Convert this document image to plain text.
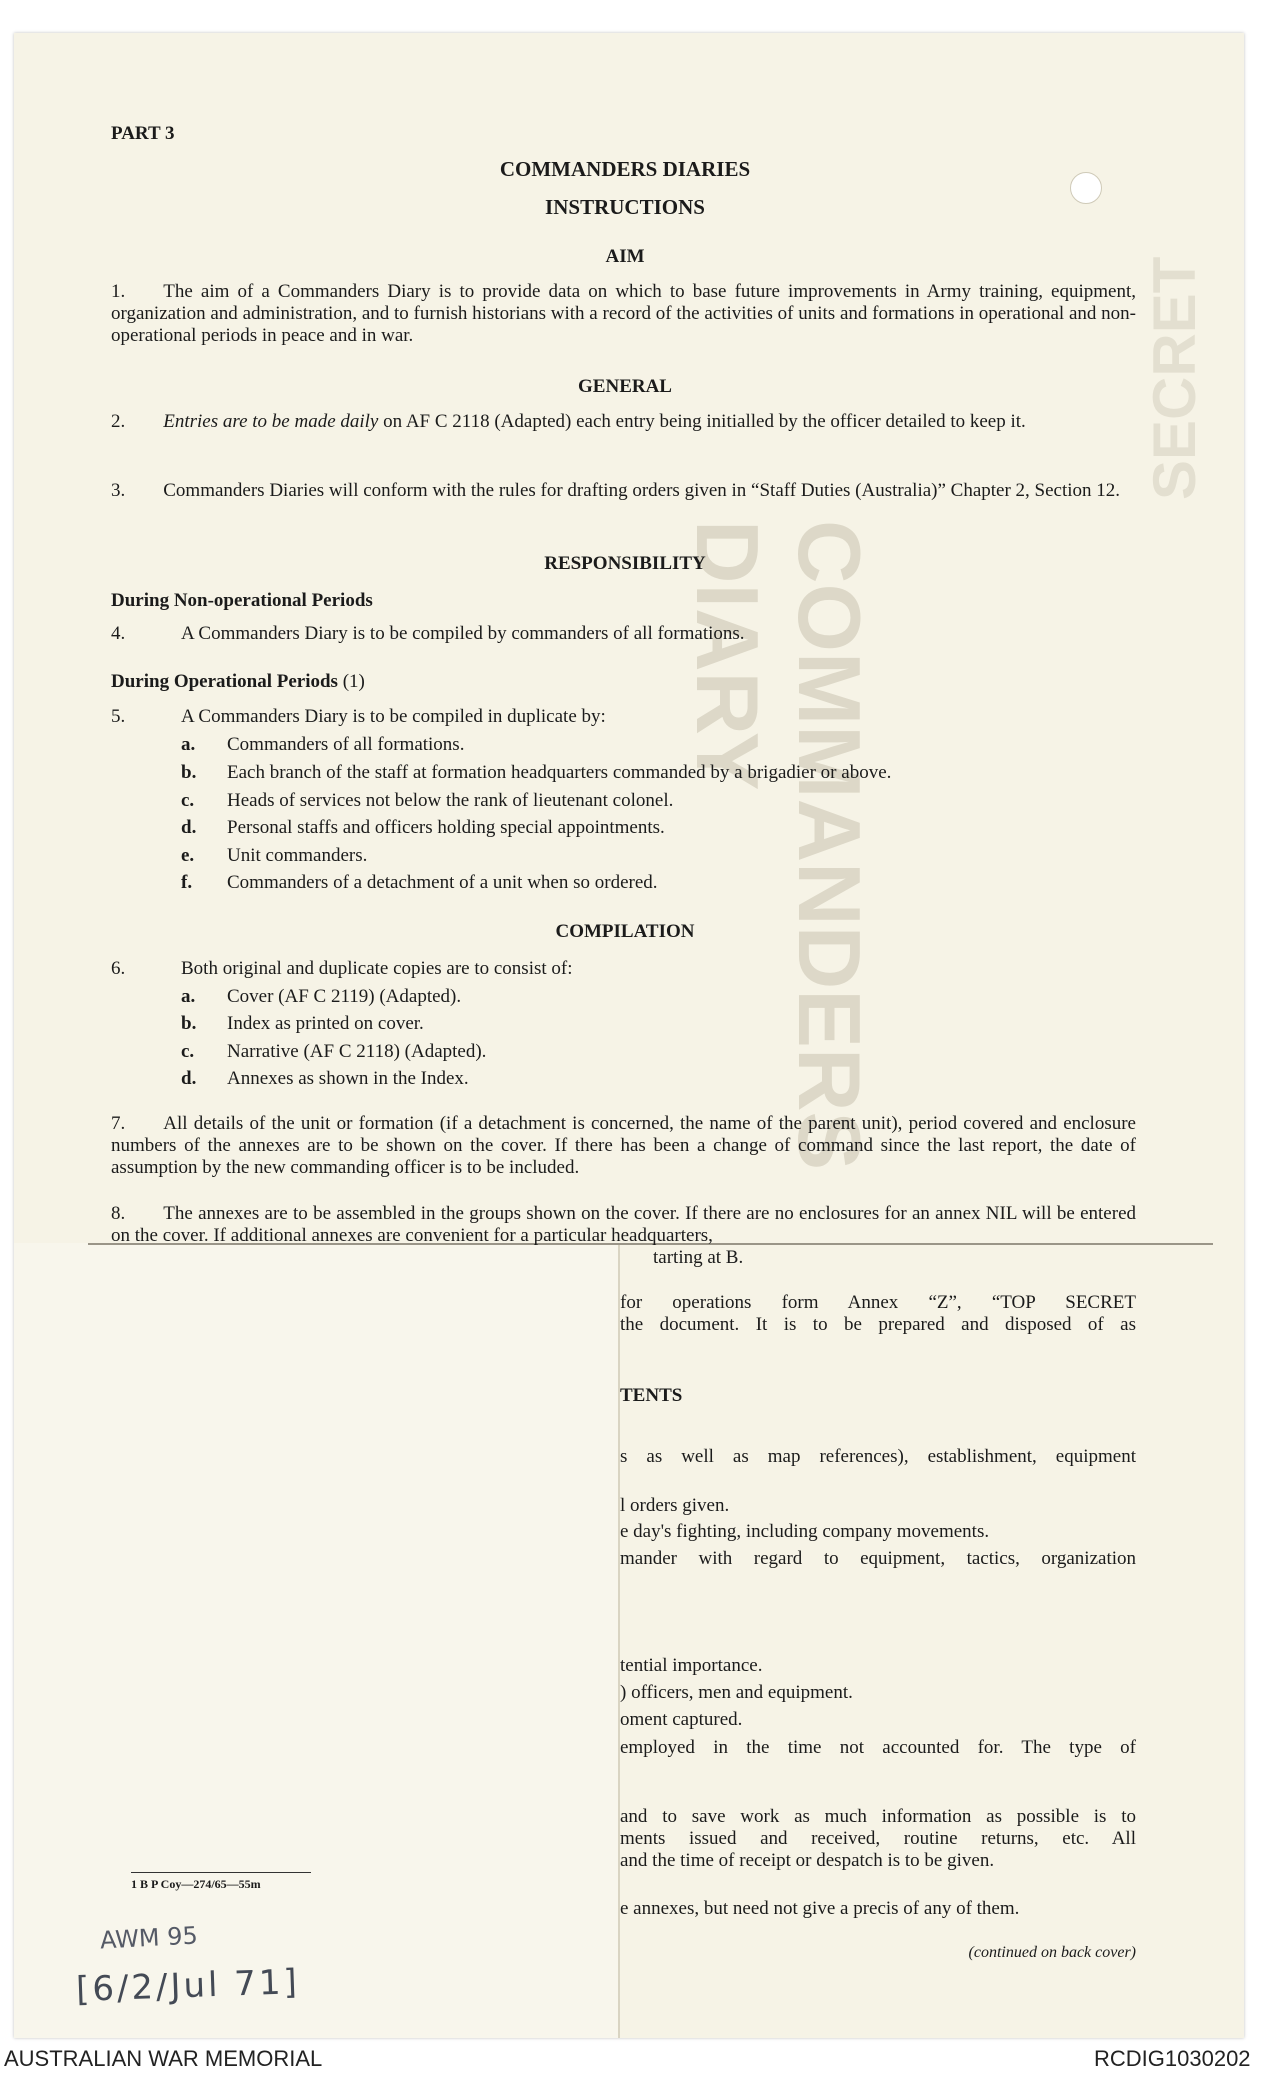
COMMANDERS DIARY
SECRET
PART 3
COMMANDERS DIARIES
INSTRUCTIONS
AIM
1.  The aim of a Commanders Diary is to provide data on which to base future improvements in Army training, equipment, organization and administration, and to furnish historians with a record of the activities of units and formations in operational and non-operational periods in peace and in war.
GENERAL
2.   Entries are to be made daily on AF C 2118 (Adapted) each entry being initialled by the officer detailed to keep it.
3.  Commanders Diaries will conform with the rules for drafting orders given in “Staff Duties (Australia)” Chapter 2, Section 12.
RESPONSIBILITY
During Non-operational Periods
4.	A Commanders Diary is to be compiled by commanders of all formations.
During Operational Periods (1)
5.	A Commanders Diary is to be compiled in duplicate by:
a. Commanders of all formations.
b. Each branch of the staff at formation headquarters commanded by a brigadier or above.
c. Heads of services not below the rank of lieutenant colonel.
d. Personal staffs and officers holding special appointments.
e. Unit commanders.
f. Commanders of a detachment of a unit when so ordered.
COMPILATION
6.	Both original and duplicate copies are to consist of:
a. Cover (AF C 2119) (Adapted).
b. Index as printed on cover.
c. Narrative (AF C 2118) (Adapted).
d. Annexes as shown in the Index.
7.  All details of the unit or formation (if a detachment is concerned, the name of the parent unit), period covered and enclosure numbers of the annexes are to be shown on the cover. If there has been a change of command since the last report, the date of assumption by the new commanding officer is to be included.
8.  The annexes are to be assembled in the groups shown on the cover. If there are no enclosures for an annex NIL will be entered on the cover. If additional annexes are convenient for a particular headquarters,
tarting at B.
for operations form Annex “Z”, “TOP SECRET
the document. It is to be prepared and disposed of as
TENTS
s as well as map references), establishment, equipment
l orders given.
e day's fighting, including company movements.
mander with regard to equipment, tactics, organization
tential importance.
) officers, men and equipment.
oment captured.
employed in the time not accounted for. The type of
and to save work as much information as possible is to
ments issued and received, routine returns, etc. All
and the time of receipt or despatch is to be given.
e annexes, but need not give a precis of any of them.
(continued on back cover)
1 B P Coy—274/65—55m
AWM 95
[6/2/Jul 71]
AUSTRALIAN WAR MEMORIAL	RCDIG1030202
